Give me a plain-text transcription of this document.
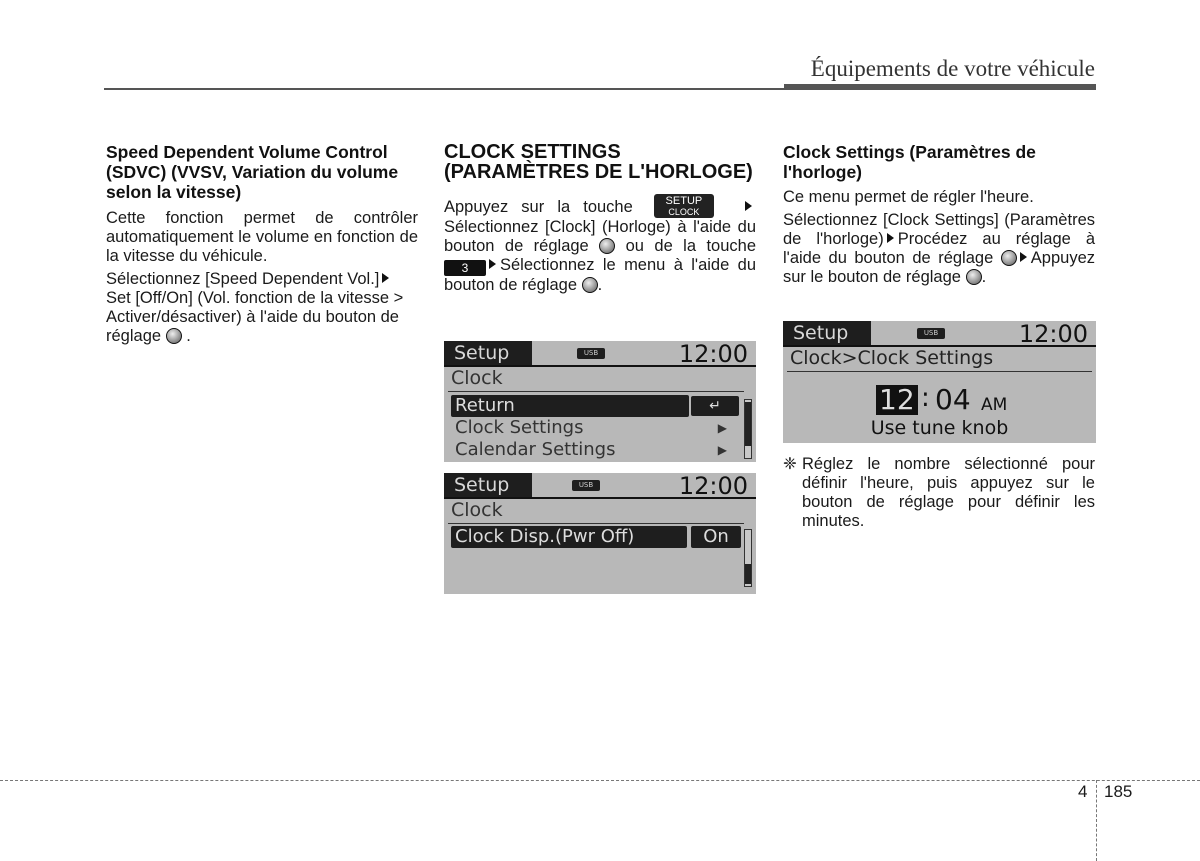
Équipements de votre véhicule
Speed Dependent Volume Control (SDVC) (VVSV, Variation du volume selon la vitesse)

Cette fonction permet de contrôler automatiquement le volume en fonction de la vitesse du véhicule.

Sélectionnez [Speed Dependent Vol.]Set [Off/On] (Vol. fonction de la vitesse > Activer/désactiver) à l'aide du bouton de réglage .

CLOCK SETTINGS (PARAMÈTRES DE L'HORLOGE)

Appuyez sur la touche	SETUP
CLOCK
Sélectionnez [Clock] (Horloge) à l'aide du bouton de réglage ou de la touche 3 Sélectionnez le menu à l'aide du bouton de réglage .

Setup	USB	12:00
Clock
Return	↵
Clock Settings	▶
Calendar Settings	▶
Setup	USB	12:00
Clock
Clock Disp.(Pwr Off)	On
Clock Settings (Paramètres de l'horloge)

Ce menu permet de régler l'heure.

Sélectionnez [Clock Settings] (Paramètres de l'horloge) Procédez au réglage à l'aide du bouton de réglage Appuyez sur le bouton de réglage .

Setup	USB	12:00
Clock>Clock Settings
12 : 04 AM
Use tune knob
❈ Réglez le nombre sélectionné pour définir l'heure, puis appuyez sur le bouton de réglage pour définir les minutes.
4 185
